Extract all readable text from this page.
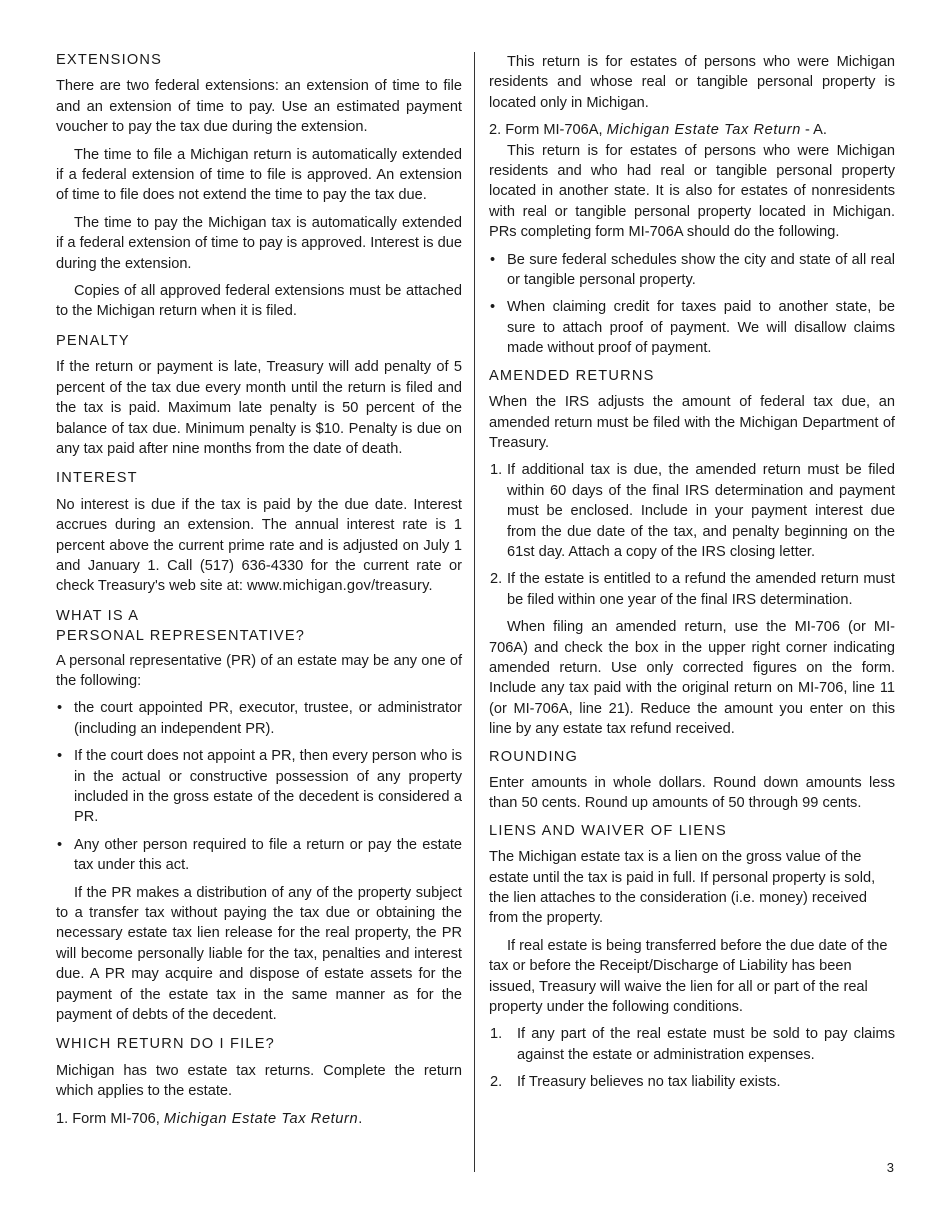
EXTENSIONS

There are two federal extensions: an extension of time to file and an extension of time to pay. Use an estimated payment voucher to pay the tax due during the extension.

The time to file a Michigan return is automatically extended if a federal extension of time to file is approved. An extension of time to file does not extend the time to pay the tax due.

The time to pay the Michigan tax is automatically extended if a federal extension of time to pay is approved. Interest is due during the extension.

Copies of all approved federal extensions must be attached to the Michigan return when it is filed.

PENALTY

If the return or payment is late, Treasury will add penalty of 5 percent of the tax due every month until the return is filed and the tax is paid. Maximum late penalty is 50 percent of the balance of tax due. Minimum penalty is $10. Penalty is due on any tax paid after nine months from the date of death.

INTEREST

No interest is due if the tax is paid by the due date. Interest accrues during an extension. The annual interest rate is 1 percent above the current prime rate and is adjusted on July 1 and January 1. Call (517) 636-4330 for the current rate or check Treasury's web site at: www.michigan.gov/treasury.

WHAT IS A
PERSONAL REPRESENTATIVE?

A personal representative (PR) of an estate may be any one of the following:

• the court appointed PR, executor, trustee, or administrator (including an independent PR).
• If the court does not appoint a PR, then every person who is in the actual or constructive possession of any property included in the gross estate of the decedent is considered a PR.
• Any other person required to file a return or pay the estate tax under this act.

If the PR makes a distribution of any of the property subject to a transfer tax without paying the tax due or obtaining the necessary estate tax lien release for the real property, the PR will become personally liable for the tax, penalties and interest due. A PR may acquire and dispose of estate assets for the payment of the estate tax in the same manner as for the payment of debts of the decedent.

WHICH RETURN DO I FILE?

Michigan has two estate tax returns. Complete the return which applies to the estate.

1. Form MI-706, Michigan Estate Tax Return.

This return is for estates of persons who were Michigan residents and whose real or tangible personal property is located only in Michigan.

2. Form MI-706A, Michigan Estate Tax Return - A.

This return is for estates of persons who were Michigan residents and who had real or tangible personal property located in another state. It is also for estates of nonresidents with real or tangible personal property located in Michigan. PRs completing form MI-706A should do the following.

• Be sure federal schedules show the city and state of all real or tangible personal property.
• When claiming credit for taxes paid to another state, be sure to attach proof of payment. We will disallow claims made without proof of payment.
AMENDED RETURNS

When the IRS adjusts the amount of federal tax due, an amended return must be filed with the Michigan Department of Treasury.

1. If additional tax is due, the amended return must be filed within 60 days of the final IRS determination and payment must be enclosed. Include in your payment interest due from the due date of the tax, and penalty beginning on the 61st day. Attach a copy of the IRS closing letter.
2. If the estate is entitled to a refund the amended return must be filed within one year of the final IRS determination.

When filing an amended return, use the MI-706 (or MI-706A) and check the box in the upper right corner indicating amended return. Use only corrected figures on the form. Include any tax paid with the original return on MI-706, line 11 (or MI-706A, line 21). Reduce the amount you enter on this line by any estate tax refund received.

ROUNDING

Enter amounts in whole dollars. Round down amounts less than 50 cents. Round up amounts of 50 through 99 cents.

LIENS AND WAIVER OF LIENS

The Michigan estate tax is a lien on the gross value of the estate until the tax is paid in full. If personal property is sold, the lien attaches to the consideration (i.e. money) received from the property.

If real estate is being transferred before the due date of the tax or before the Receipt/Discharge of Liability has been issued, Treasury will waive the lien for all or part of the real property under the following conditions.

1. If any part of the real estate must be sold to pay claims against the estate or administration expenses.
2. If Treasury believes no tax liability exists.
3
